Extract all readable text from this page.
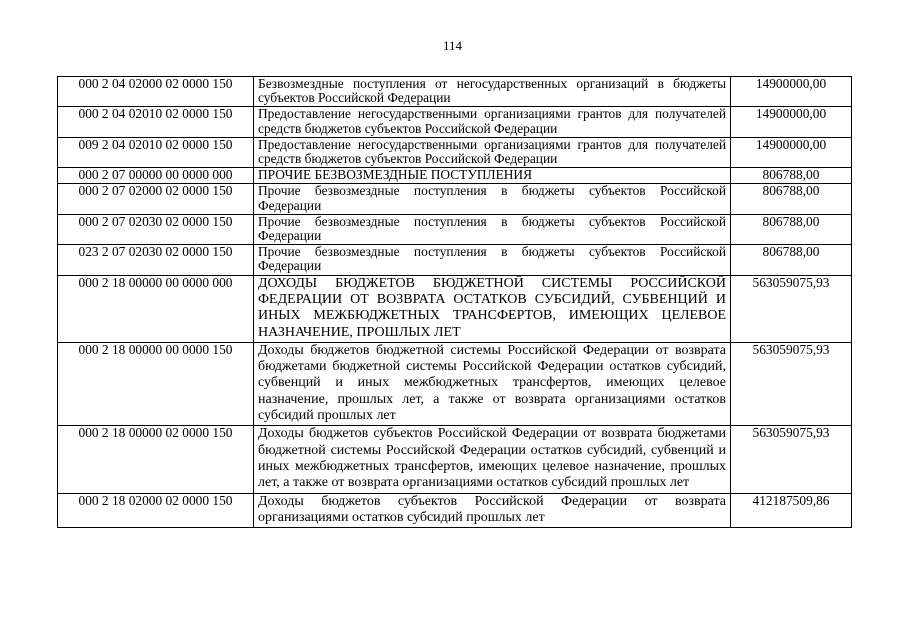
114
000 2 04 02000 02 0000 150	Безвозмездные поступления от негосударственных организаций в бюджеты субъектов Российской Федерации	14900000,00
000 2 04 02010 02 0000 150	Предоставление негосударственными организациями грантов для получателей средств бюджетов субъектов Российской Федерации	14900000,00
009 2 04 02010 02 0000 150	Предоставление негосударственными организациями грантов для получателей средств бюджетов субъектов Российской Федерации	14900000,00
000 2 07 00000 00 0000 000	ПРОЧИЕ БЕЗВОЗМЕЗДНЫЕ ПОСТУПЛЕНИЯ	806788,00
000 2 07 02000 02 0000 150	Прочие безвозмездные поступления в бюджеты субъектов Российской Федерации	806788,00
000 2 07 02030 02 0000 150	Прочие безвозмездные поступления в бюджеты субъектов Российской Федерации	806788,00
023 2 07 02030 02 0000 150	Прочие безвозмездные поступления в бюджеты субъектов Российской Федерации	806788,00
000 2 18 00000 00 0000 000	ДОХОДЫ БЮДЖЕТОВ БЮДЖЕТНОЙ СИСТЕМЫ РОССИЙСКОЙ ФЕДЕРАЦИИ ОТ ВОЗВРАТА ОСТАТКОВ СУБСИДИЙ, СУБВЕНЦИЙ И ИНЫХ МЕЖБЮДЖЕТНЫХ ТРАНСФЕРТОВ, ИМЕЮЩИХ ЦЕЛЕВОЕ НАЗНАЧЕНИЕ, ПРОШЛЫХ ЛЕТ	563059075,93
000 2 18 00000 00 0000 150	Доходы бюджетов бюджетной системы Российской Федерации от возврата бюджетами бюджетной системы Российской Федерации остатков субсидий, субвенций и иных межбюджетных трансфертов, имеющих целевое назначение, прошлых лет, а также от возврата организациями остатков субсидий прошлых лет	563059075,93
000 2 18 00000 02 0000 150	Доходы бюджетов субъектов Российской Федерации от возврата бюджетами бюджетной системы Российской Федерации остатков субсидий, субвенций и иных межбюджетных трансфертов, имеющих целевое назначение, прошлых лет, а также от возврата организациями остатков субсидий прошлых лет	563059075,93
000 2 18 02000 02 0000 150	Доходы бюджетов субъектов Российской Федерации от возврата организациями остатков субсидий прошлых лет	412187509,86
